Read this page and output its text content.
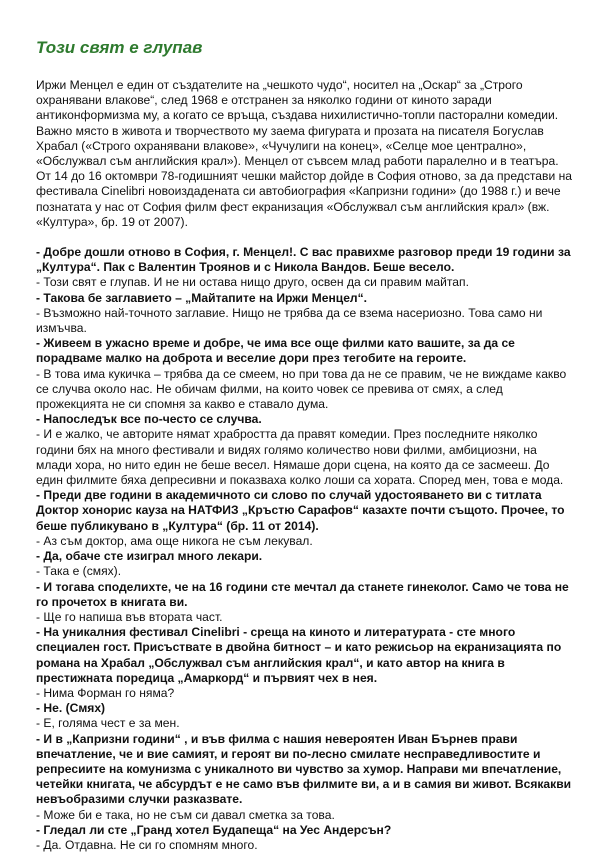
Този свят е глупав

Иржи Менцел е един от създателите на „чешкото чудо“, носител на „Оскар“ за „Строго охранявани влакове“, след 1968 е отстранен за няколко години от киното заради антиконформизма му, а когато се връща, създава нихилистично-топли пасторални комедии. Важно място в живота и творчеството му заема фигурата и прозата на писателя Богуслав Храбал («Строго охранявани влакове», «Чучулиги на конец», «Селце мое централно», «Обслужвал съм английския крал»). Менцел от съвсем млад работи паралелно и в театъра. От 14 до 16 октомври 78-годишният чешки майстор дойде в София отново, за да представи на фестивала Cinelibri новоиздадената си автобиография «Капризни години» (до 1988 г.) и вече познатата у нас от София филм фест екранизация «Обслужвал съм английския крал» (вж. «Култура», бр. 19 от 2007).

- Добре дошли отново в София, г. Менцел!. С вас правихме разговор преди 19 години за „Култура“. Пак с Валентин Троянов и с Никола Вандов. Беше весело.

- Този свят е глупав. И не ни остава нищо друго, освен да си правим майтап.

- Такова бе заглавието – „Майтапите на Иржи Менцел“.

- Възможно най-точното заглавие. Нищо не трябва да се взема насериозно. Това само ни измъчва.

- Живеем в ужасно време и добре, че има все още филми като вашите, за да се порадваме малко на доброта и веселие дори през тегобите на героите.

- В това има кукичка – трябва да се смеем, но при това да не се правим, че не виждаме какво се случва около нас. Не обичам филми, на които човек се превива от смях, а след прожекцията не си спомня за какво е ставало дума.

- Напоследък все по-често се случва.

- И е жалко, че авторите нямат храбростта да правят комедии. През последните няколко години бях на много фестивали и видях голямо количество нови филми, амбициозни, на млади хора, но нито един не беше весел. Нямаше дори сцена, на която да се засмееш. До един филмите бяха депресивни и показваха колко лоши са хората. Според мен, това е мода.

- Преди две години в академичното си слово по случай удостояването ви с титлата Доктор хонорис кауза на НАТФИЗ „Кръстю Сарафов“ казахте почти същото. Прочее, то беше публикувано в „Култура“ (бр. 11 от 2014).

- Аз съм доктор, ама още никога не съм лекувал.

- Да, обаче сте изиграл много лекари.

- Така е (смях).

- И тогава споделихте, че на 16 години сте мечтал да станете гинеколог. Само че това не го прочетох в книгата ви.

- Ще го напиша във втората част.

- На уникалния фестивал Cinelibri - среща на киното и литературата - сте много специален гост. Присъствате в двойна битност – и като режисьор на екранизацията по романа на Храбал „Обслужвал съм английския крал“, и като автор на книга в престижната поредица „Амаркорд“ и първият чех в нея.

- Нима Форман го няма?

- Не. (Смях)

- Е, голяма чест е за мен.

- И в „Капризни години“ , и във филма с нашия невероятен Иван Бърнев прави впечатление, че и вие самият, и героят ви по-лесно смилате несправедливостите и репресиите на комунизма с уникалното ви чувство за хумор. Направи ми впечатление, четейки книгата, че абсурдът е не само във филмите ви, а и в самия ви живот. Всякакви невъобразими случки разказвате.

- Може би е така, но не съм си давал сметка за това.

- Гледал ли сте „Гранд хотел Будапеща“ на Уес Андерсън?

- Да. Отдавна. Не си го спомням много.
